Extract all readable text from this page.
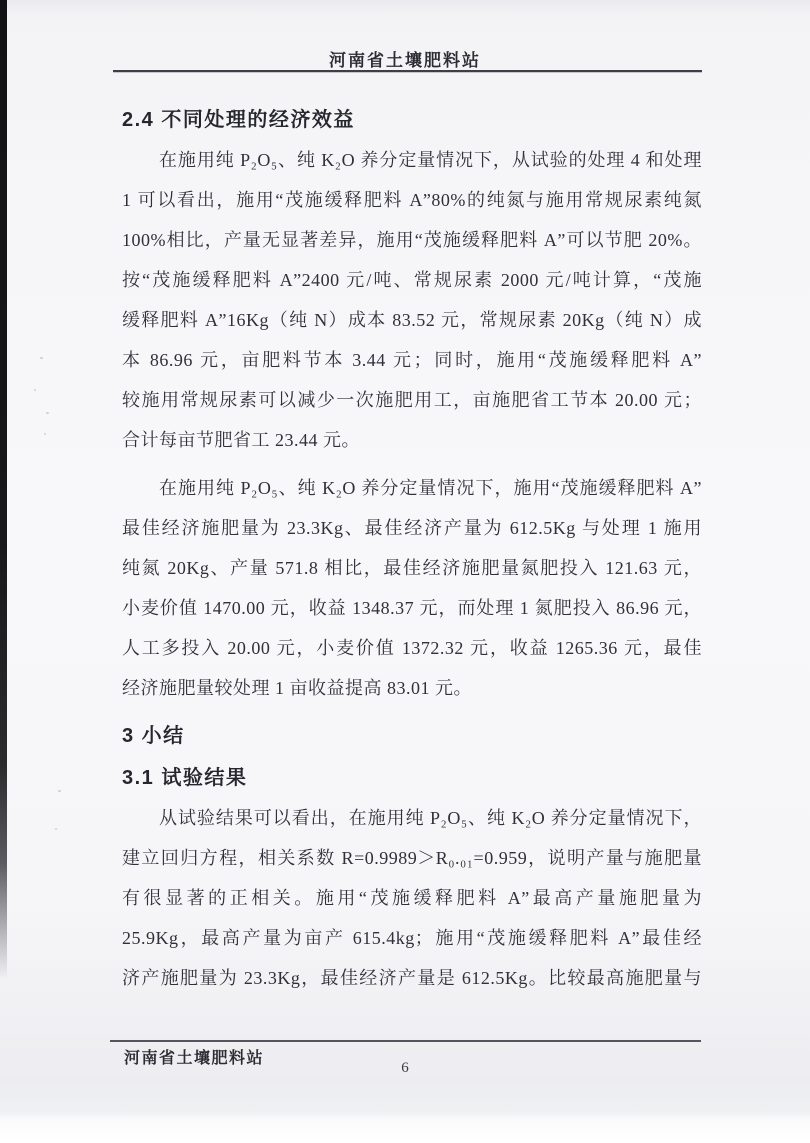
河南省土壤肥料站
2.4 不同处理的经济效益
在施用纯 P₂O₅、纯 K₂O 养分定量情况下，从试验的处理 4 和处理
1 可以看出，施用“茂施缓释肥料 A”80%的纯氮与施用常规尿素纯氮
100%相比，产量无显著差异，施用“茂施缓释肥料 A”可以节肥 20%。
按“茂施缓释肥料 A”2400 元/吨、常规尿素 2000 元/吨计算，“茂施
缓释肥料 A”16Kg（纯 N）成本 83.52 元，常规尿素 20Kg（纯 N）成
本 86.96 元，亩肥料节本 3.44 元；同时，施用“茂施缓释肥料 A”
较施用常规尿素可以减少一次施肥用工，亩施肥省工节本 20.00 元；
合计每亩节肥省工 23.44 元。
在施用纯 P₂O₅、纯 K₂O 养分定量情况下，施用“茂施缓释肥料 A”
最佳经济施肥量为 23.3Kg、最佳经济产量为 612.5Kg 与处理 1 施用
纯氮 20Kg、产量 571.8 相比，最佳经济施肥量氮肥投入 121.63 元，
小麦价值 1470.00 元，收益 1348.37 元，而处理 1 氮肥投入 86.96 元，
人工多投入 20.00 元，小麦价值 1372.32 元，收益 1265.36 元，最佳
经济施肥量较处理 1 亩收益提高 83.01 元。
3 小结
3.1 试验结果
从试验结果可以看出，在施用纯 P₂O₅、纯 K₂O 养分定量情况下，
建立回归方程，相关系数 R=0.9989＞R₀.₀₁=0.959，说明产量与施肥量
有很显著的正相关。施用“茂施缓释肥料 A”最高产量施肥量为
25.9Kg，最高产量为亩产 615.4kg；施用“茂施缓释肥料 A”最佳经
济产施肥量为 23.3Kg，最佳经济产量是 612.5Kg。比较最高施肥量与
河南省土壤肥料站
6
